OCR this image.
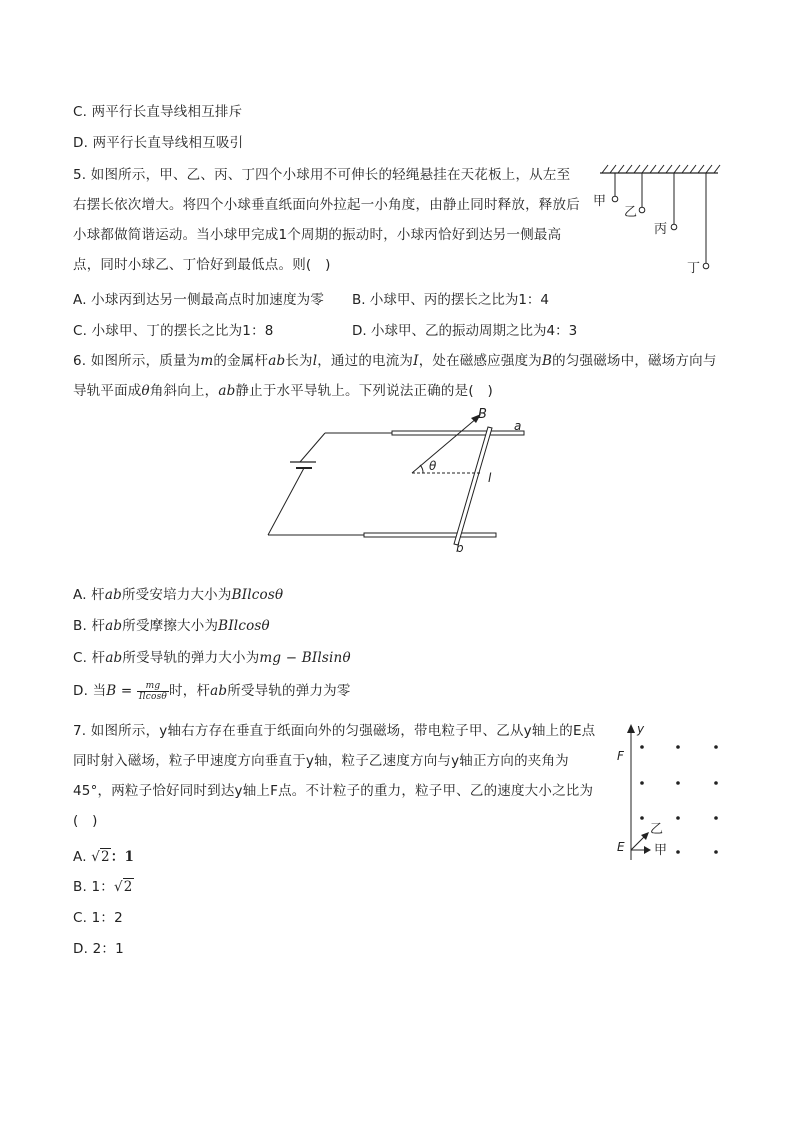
C. 两平行长直导线相互排斥
D. 两平行长直导线相互吸引
5. 如图所示，甲、乙、丙、丁四个小球用不可伸长的轻绳悬挂在天花板上，从左至右摆长依次增大。将四个小球垂直纸面向外拉起一小角度，由静止同时释放，释放后小球都做简谐运动。当小球甲完成1个周期的振动时，小球丙恰好到达另一侧最高点，同时小球乙、丁恰好到最低点。则(　)
甲
乙
丙
丁
A. 小球丙到达另一侧最高点时加速度为零 B. 小球甲、丙的摆长之比为1：4
C. 小球甲、丁的摆长之比为1：8	D. 小球甲、乙的振动周期之比为4：3
6. 如图所示，质量为m的金属杆ab长为l，通过的电流为I，处在磁感应强度为B的匀强磁场中，磁场方向与导轨平面成θ角斜向上，ab静止于水平导轨上。下列说法正确的是(　)
B
a
b
θ
l
A. 杆ab所受安培力大小为BIlcosθ
B. 杆ab所受摩擦大小为BIlcosθ
C. 杆ab所受导轨的弹力大小为mg − BIlsinθ
D. 当$B = \frac{mg}{Ilcos\theta}$ 时，杆ab所受导轨的弹力为零
7. 如图所示，y轴右方存在垂直于纸面向外的匀强磁场，带电粒子甲、乙从y轴上的E点同时射入磁场，粒子甲速度方向垂直于y轴，粒子乙速度方向与y轴正方向的夹角为45°，两粒子恰好同时到达y轴上F点。不计粒子的重力，粒子甲、乙的速度大小之比为
(　)
y
F
E
乙
甲
A. √2：1
B. 1：√2
C. 1：2
D. 2：1
